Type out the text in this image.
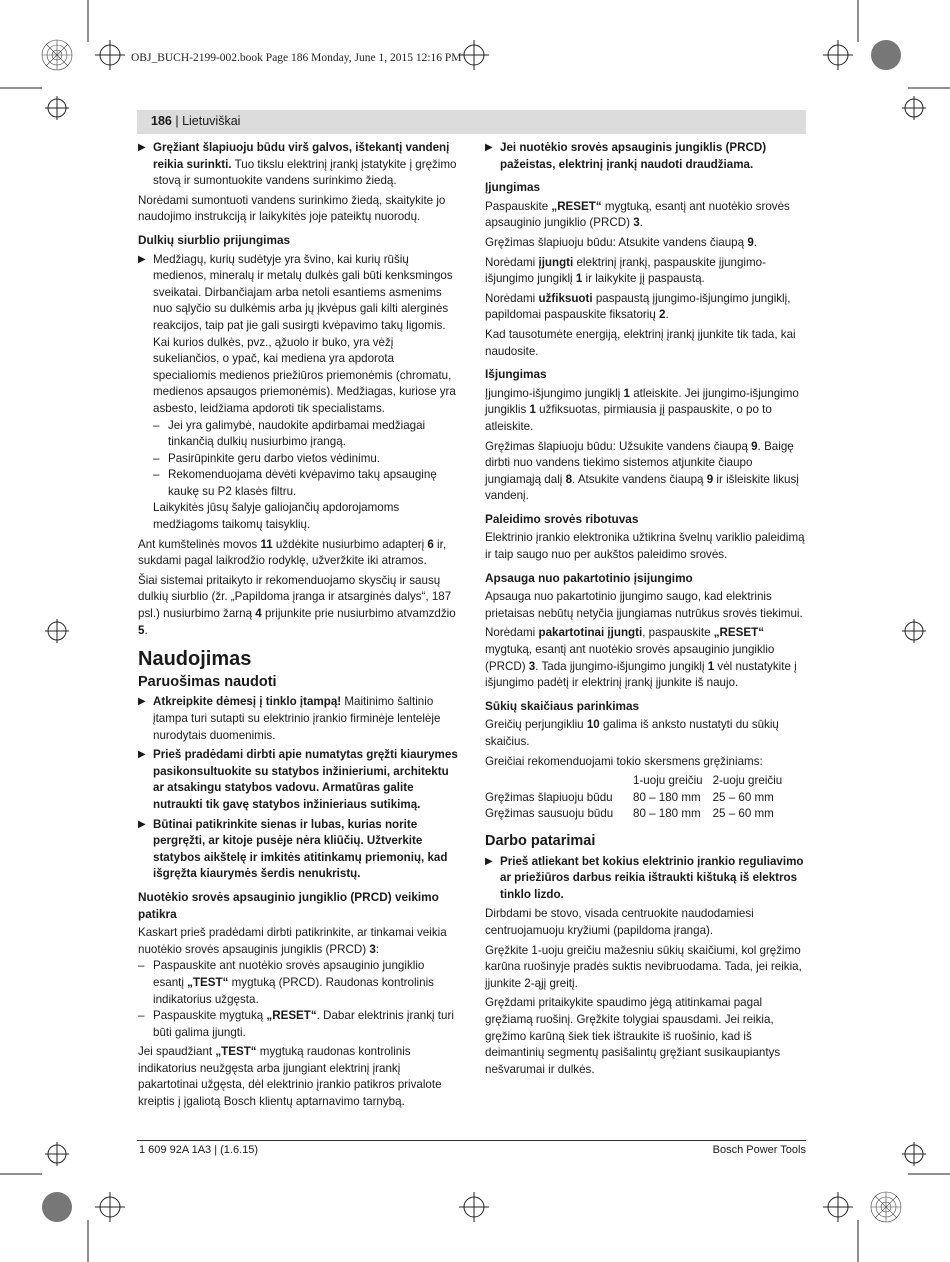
OBJ_BUCH-2199-002.book Page 186 Monday, June 1, 2015 12:16 PM
186 | Lietuviškai
▶ Gręžiant šlapiuoju būdu virš galvos, ištekantį vandenį reikia surinkti. Tuo tikslu elektrinį įrankį įstatykite į gręžimo stovą ir sumontuokite vandens surinkimo žiedą.

Norėdami sumontuoti vandens surinkimo žiedą, skaitykite jo naudojimo instrukciją ir laikykitės joje pateiktų nuorodų.

Dulkių siurblio prijungimas
▶ Medžiagų, kurių sudėtyje yra švino, kai kurių rūšių medienos, mineralų ir metalų dulkės gali būti kenksmingos sveikatai. Dirbančiajam arba netoli esantiems asmenims nuo sąlyčio su dulkėmis arba jų įkvėpus gali kilti alerginės reakcijos, taip pat jie gali susirgti kvėpavimo takų ligomis. Kai kurios dulkės, pvz., ąžuolo ir buko, yra vėžį sukeliančios, o ypač, kai mediena yra apdorota specialiomis medienos priežiūros priemonėmis (chromatu, medienos apsaugos priemonėmis). Medžiagas, kuriose yra asbesto, leidžiama apdoroti tik specialistams.
– Jei yra galimybė, naudokite apdirbamai medžiagai tinkančią dulkių nusiurbimo įrangą.
– Pasirūpinkite geru darbo vietos vėdinimu.
– Rekomenduojama dėvėti kvėpavimo takų apsauginę kaukę su P2 klasės filtru.
Laikykitės jūsų šalyje galiojančių apdorojamoms medžiagoms taikomų taisyklių.

Ant kumštelinės movos 11 uždėkite nusiurbimo adapterį 6 ir, sukdami pagal laikrodžio rodyklę, užveržkite iki atramos.

Šiai sistemai pritaikyto ir rekomenduojamo skysčių ir sausų dulkių siurblio (žr. „Papildoma įranga ir atsarginės dalys“, 187 psl.) nusiurbimo žarną 4 prijunkite prie nusiurbimo atvamzdžio 5.

Naudojimas
Paruošimas naudoti
▶ Atkreipkite dėmesį į tinklo įtampą! Maitinimo šaltinio įtampa turi sutapti su elektrinio įrankio firminėje lentelėje nurodytais duomenimis.
▶ Prieš pradėdami dirbti apie numatytas gręžti kiaurymes pasikonsultuokite su statybos inžinieriumi, architektu ar atsakingu statybos vadovu. Armatūras galite nutraukti tik gavę statybos inžinieriaus sutikimą.
▶ Būtinai patikrinkite sienas ir lubas, kurias norite pergręžti, ar kitoje pusėje nėra kliūčių. Užtverkite statybos aikštelę ir imkitės atitinkamų priemonių, kad išgręžta kiaurymės šerdis nenukristų.
Nuotėkio srovės apsauginio jungiklio (PRCD) veikimo patikra

Kaskart prieš pradėdami dirbti patikrinkite, ar tinkamai veikia nuotėkio srovės apsauginis jungiklis (PRCD) 3:

– Paspauskite ant nuotėkio srovės apsauginio jungiklio esantį „TEST“ mygtuką (PRCD). Raudonas kontrolinis indikatorius užgęsta.
– Paspauskite mygtuką „RESET“. Dabar elektrinis įrankį turi būti galima įjungti.

Jei spaudžiant „TEST“ mygtuką raudonas kontrolinis indikatorius neužgęsta arba įjungiant elektrinį įrankį pakartotinai užgęsta, dėl elektrinio įrankio patikros privalote kreiptis į įgaliotą Bosch klientų aptarnavimo tarnybą.

▶ Jei nuotėkio srovės apsauginis jungiklis (PRCD) pažeistas, elektrinį įrankį naudoti draudžiama.
Įjungimas

Paspauskite „RESET“ mygtuką, esantį ant nuotėkio srovės apsauginio jungiklio (PRCD) 3.

Gręžimas šlapiuoju būdu: Atsukite vandens čiaupą 9.

Norėdami įjungti elektrinį įrankį, paspauskite įjungimo-išjungimo jungiklį 1 ir laikykite jį paspaustą.

Norėdami užfiksuoti paspaustą įjungimo-išjungimo jungiklį, papildomai paspauskite fiksatorių 2.

Kad tausotumėte energiją, elektrinį įrankį įjunkite tik tada, kai naudosite.

Išjungimas

Įjungimo-išjungimo jungiklį 1 atleiskite. Jei įjungimo-išjungimo jungiklis 1 užfiksuotas, pirmiausia jį paspauskite, o po to atleiskite.

Gręžimas šlapiuoju būdu: Užsukite vandens čiaupą 9. Baigę dirbti nuo vandens tiekimo sistemos atjunkite čiaupo jungiamąją dalį 8. Atsukite vandens čiaupą 9 ir išleiskite likusį vandenį.

Paleidimo srovės ribotuvas

Elektrinio įrankio elektronika užtikrina švelnų variklio paleidimą ir taip saugo nuo per aukštos paleidimo srovės.

Apsauga nuo pakartotinio įsijungimo

Apsauga nuo pakartotinio įjungimo saugo, kad elektrinis prietaisas nebūtų netyčia įjungiamas nutrūkus srovės tiekimui.

Norėdami pakartotinai įjungti, paspauskite „RESET“ mygtuką, esantį ant nuotėkio srovės apsauginio jungiklio (PRCD) 3. Tada įjungimo-išjungimo jungiklį 1 vėl nustatykite į išjungimo padėtį ir elektrinį įrankį įjunkite iš naujo.

Sūkių skaičiaus parinkimas

Greičių perjungikliu 10 galima iš anksto nustatyti du sūkių skaičius.

Greičiai rekomenduojami tokio skersmens gręžiniams:

	1-uoju greičiu	2-uoju greičiu
Gręžimas šlapiuoju būdu	80 – 180 mm	25 – 60 mm
Gręžimas sausuoju būdu	80 – 180 mm	25 – 60 mm
Darbo patarimai
▶ Prieš atliekant bet kokius elektrinio įrankio reguliavimo ar priežiūros darbus reikia ištraukti kištuką iš elektros tinklo lizdo.

Dirbdami be stovo, visada centruokite naudodamiesi centruojamuoju kryžiumi (papildoma įranga).

Gręžkite 1-uoju greičiu mažesniu sūkių skaičiumi, kol gręžimo karūna ruošinyje pradės suktis nevibruodama. Tada, jei reikia, įjunkite 2-ąjį greitį.

Gręždami pritaikykite spaudimo jėgą atitinkamai pagal gręžiamą ruošinį. Gręžkite tolygiai spausdami. Jei reikia, gręžimo karūną šiek tiek ištraukite iš ruošinio, kad iš deimantinių segmentų pasišalintų gręžiant susikaupiantys nešvarumai ir dulkės.

1 609 92A 1A3 | (1.6.15)	Bosch Power Tools
